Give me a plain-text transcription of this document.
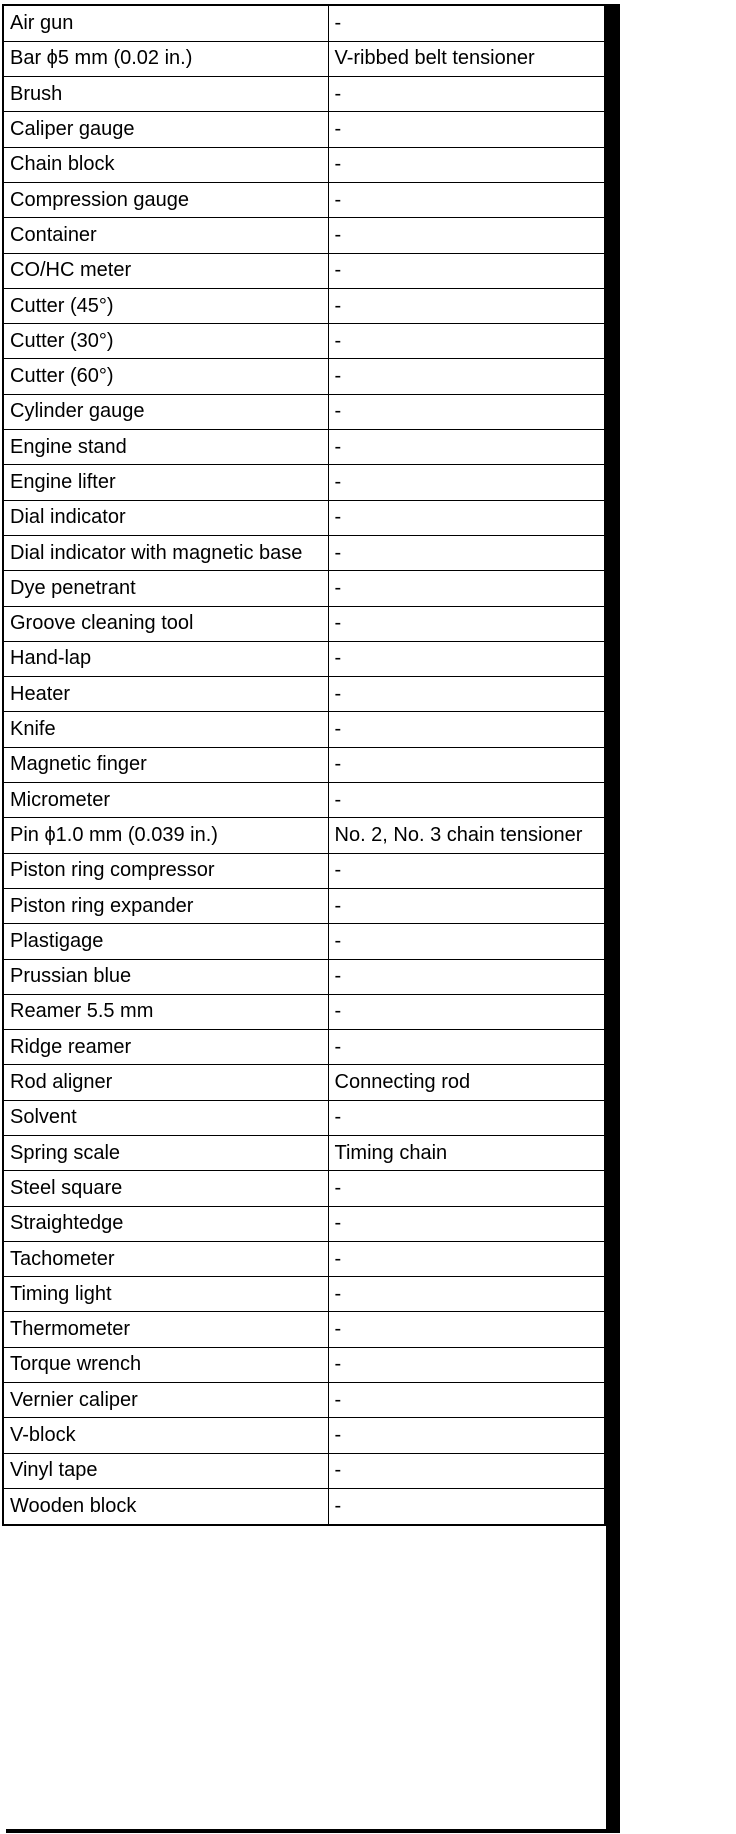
Air gun	-
Bar ϕ5 mm (0.02 in.)	V-ribbed belt tensioner
Brush	-
Caliper gauge	-
Chain block	-
Compression gauge	-
Container	-
CO/HC meter	-
Cutter (45°)	-
Cutter (30°)	-
Cutter (60°)	-
Cylinder gauge	-
Engine stand	-
Engine lifter	-
Dial indicator	-
Dial indicator with magnetic base	-
Dye penetrant	-
Groove cleaning tool	-
Hand-lap	-
Heater	-
Knife	-
Magnetic finger	-
Micrometer	-
Pin ϕ1.0 mm (0.039 in.)	No. 2, No. 3 chain tensioner
Piston ring compressor	-
Piston ring expander	-
Plastigage	-
Prussian blue	-
Reamer 5.5 mm	-
Ridge reamer	-
Rod aligner	Connecting rod
Solvent	-
Spring scale	Timing chain
Steel square	-
Straightedge	-
Tachometer	-
Timing light	-
Thermometer	-
Torque wrench	-
Vernier caliper	-
V-block	-
Vinyl tape	-
Wooden block	-
